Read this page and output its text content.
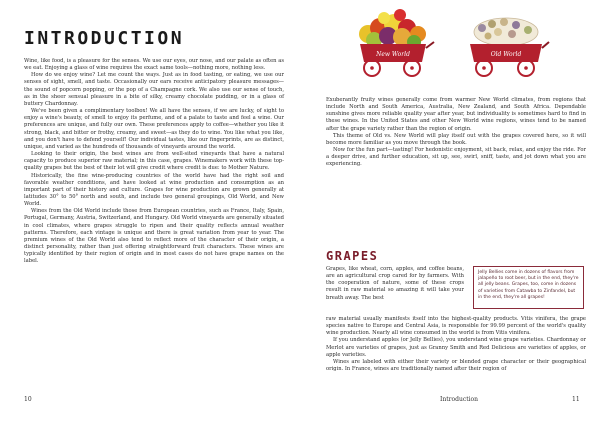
INTRODUCTION

Wine, like food, is a pleasure for the senses. We use our eyes, our nose, and our palate as often as we eat. Enjoying a glass of wine requires the exact same tools—nothing more, nothing less.

How do we enjoy wine? Let me count the ways. Just as in food tasting, or eating, we use our senses of sight, smell, and taste. Occasionally our ears receive anticipatory pleasure messages—the sound of popcorn popping, or the pop of a Champagne cork. We also use our sense of touch, as in the sheer sensual pleasure in a bite of silky, creamy chocolate pudding, or in a glass of buttery Chardonnay.

We've been given a complimentary toolbox! We all have the senses, if we are lucky, of sight to enjoy a wine's beauty, of smell to enjoy its perfume, and of a palate to taste and feel a wine. Our preferences are unique, and fully our own. These preferences apply to coffee—whether you like it strong, black, and bitter or frothy, creamy, and sweet—as they do to wine. You like what you like, and you don't have to defend yourself! Our individual tastes, like our fingerprints, are as distinct, unique, and varied as the hundreds of thousands of vineyards around the world.

Looking to their origin, the best wines are from well-sited vineyards that have a natural capacity to produce superior raw material; in this case, grapes. Winemakers work with these top-quality grapes but the best of their lot will give credit where credit is due: to Mother Nature.

Historically, the fine wine-producing countries of the world have had the right soil and favorable weather conditions, and have looked at wine production and consumption as an important part of their history and culture. Grapes for wine production are grown generally at latitudes 30° to 50° north and south, and include two general groupings, Old World, and New World.

Wines from the Old World include those from European countries, such as France, Italy, Spain, Portugal, Germany, Austria, Switzerland, and Hungary. Old World vineyards are generally situated in cool climates, where grapes struggle to ripen and their quality reflects annual weather patterns. Therefore, each vintage is unique and there is great variation from year to year. The premium wines of the Old World also tend to reflect more of the character of their origin, a distinct personality, rather than just offering straightforward fruit characters. These wines are typically identified by their region of origin and in most cases do not have grape names on the label.

10
New World	Old World

Exuberantly fruity wines generally come from warmer New World climates, from regions that include North and South America, Australia, New Zealand, and South Africa. Dependable sunshine gives more reliable quality year after year, but individuality is sometimes hard to find in these wines. In the United States and other New World wine regions, wines tend to be named after the grape variety rather than the region of origin.

This theme of Old vs. New World will play itself out with the grapes covered here, so it will become more familiar as you move through the book.

Now for the fun part—tasting! For hedonistic enjoyment, sit back, relax, and enjoy the ride. For a deeper drive, and further education, sit up, see, swirl, sniff, taste, and jot down what you are experiencing.

GRAPES

Grapes, like wheat, corn, apples, and coffee beans, are an agricultural crop cared for by farmers. With the cooperation of nature, some of these crops result in raw material so amazing it will take your breath away. The best

Jelly Bellies come in dozens of flavors from jalapeño to root beer, but in the end, they're all jelly beans. Grapes, too, come in dozens of varieties from Catawba to Zinfandel, but in the end, they're all grapes!

raw material usually manifests itself into the highest-quality products. Vitis vinifera, the grape species native to Europe and Central Asia, is responsible for 99.99 percent of the world's quality wine production. Nearly all wine consumed in the world is from Vitis vinifera.

If you understand apples (or Jelly Bellies), you understand wine grape varieties. Chardonnay or Merlot are varieties of grapes, just as Granny Smith and Red Delicious are varieties of apples, or apple varieties.

Wines are labeled with either their variety or blended grape character or their geographical origin. In France, wines are traditionally named after their region of

Introduction	11
